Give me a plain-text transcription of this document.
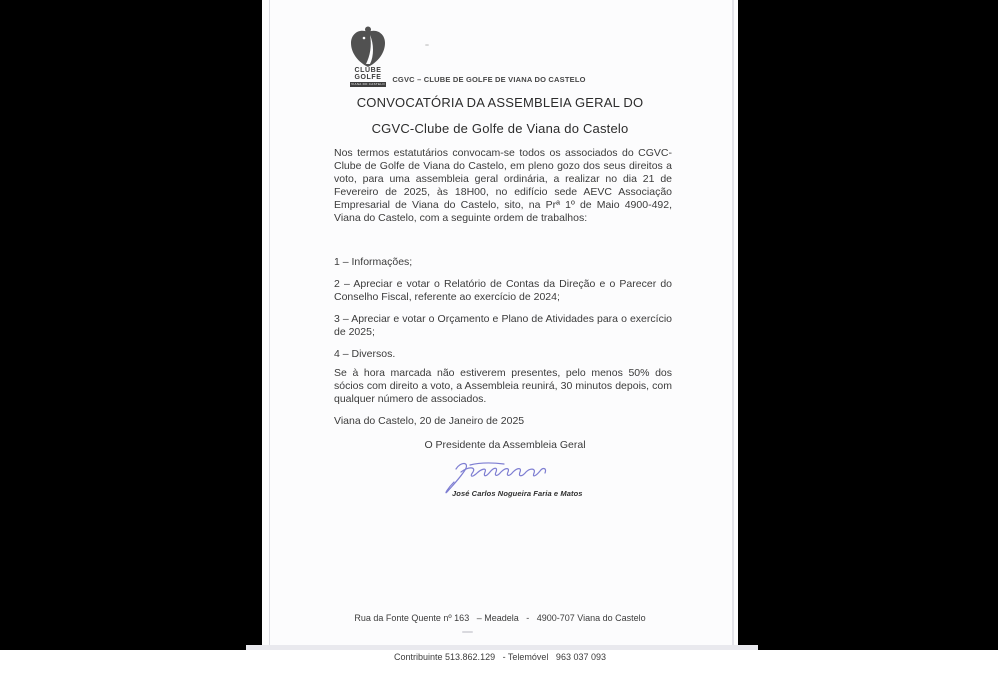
CLUBE
GOLFE
VIANA DO CASTELO CGVC – CLUBE DE GOLFE DE VIANA DO CASTELO
CONVOCATÓRIA DA ASSEMBLEIA GERAL DO
CGVC-Clube de Golfe de Viana do Castelo
Nos termos estatutários convocam-se todos os associados do CGVC-Clube de Golfe de Viana do Castelo, em pleno gozo dos seus direitos a voto, para uma assembleia geral ordinária, a realizar no dia 21 de Fevereiro de 2025, às 18H00, no edifício sede AEVC Associação Empresarial de Viana do Castelo, sito, na Prª 1º de Maio 4900-492, Viana do Castelo, com a seguinte ordem de trabalhos:
1 – Informações;
2 – Apreciar e votar o Relatório de Contas da Direção e o Parecer do Conselho Fiscal, referente ao exercício de 2024;
3 – Apreciar e votar o Orçamento e Plano de Atividades para o exercício de 2025;
4 – Diversos.
Se à hora marcada não estiverem presentes, pelo menos 50% dos sócios com direito a voto, a Assembleia reunirá, 30 minutos depois, com qualquer número de associados.
Viana do Castelo, 20 de Janeiro de 2025
O Presidente da Assembleia Geral
José Carlos Nogueira Faria e Matos

Rua da Fonte Quente nº 163   – Meadela   -   4900-707 Viana do Castelo

Contribuinte 513.862.129   - Telemóvel   963 037 093
